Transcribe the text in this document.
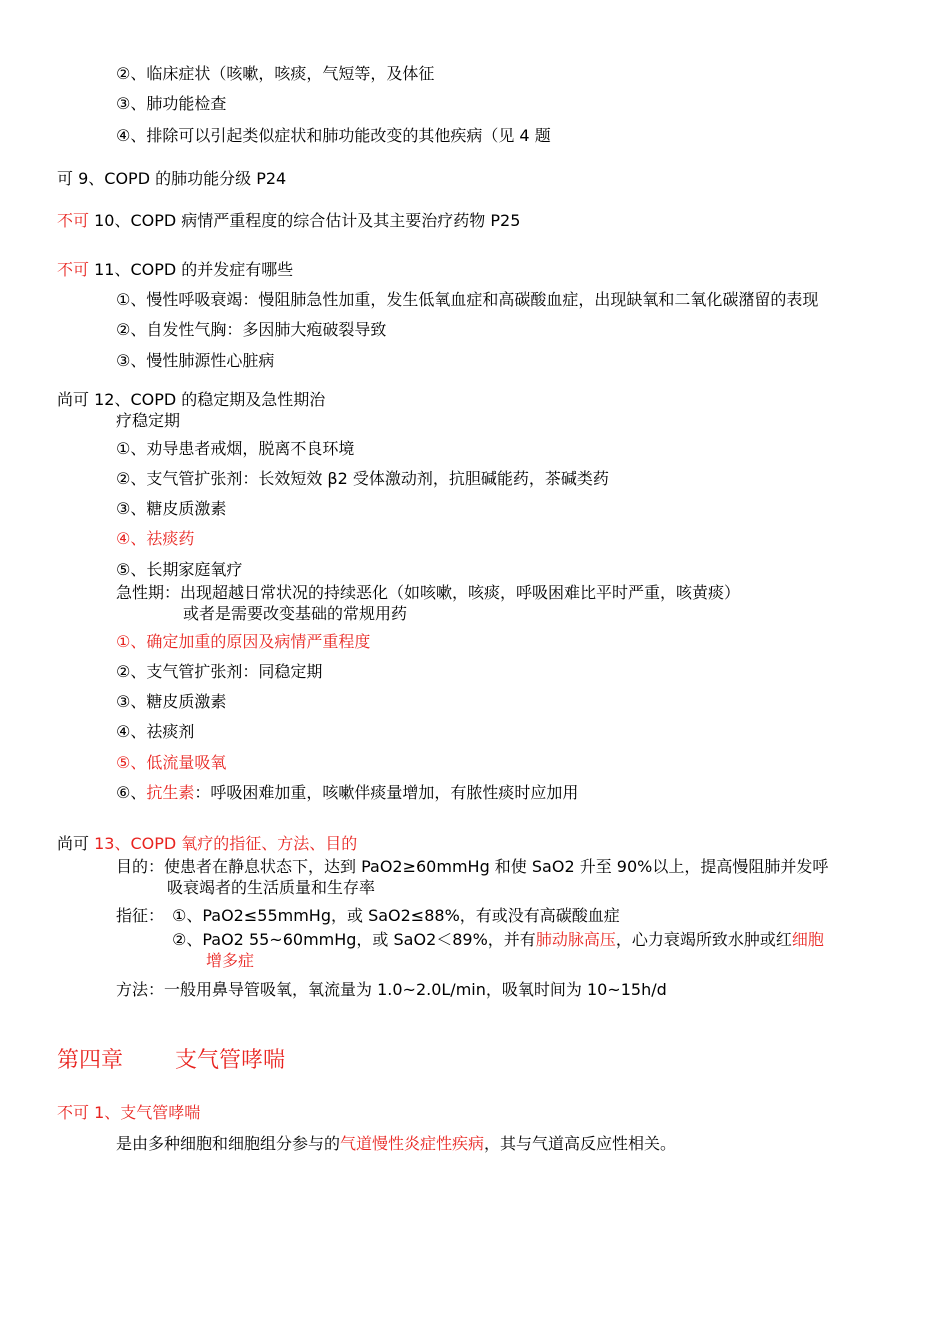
②、临床症状（咳嗽，咳痰，气短等，及体征

③、肺功能检查

④、排除可以引起类似症状和肺功能改变的其他疾病（见 4 题

可 9、COPD 的肺功能分级 P24

不可 10、COPD 病情严重程度的综合估计及其主要治疗药物 P25

不可 11、COPD 的并发症有哪些

①、慢性呼吸衰竭：慢阻肺急性加重，发生低氧血症和高碳酸血症，出现缺氧和二氧化碳潴留的表现

②、自发性气胸：多因肺大疱破裂导致

③、慢性肺源性心脏病

尚可 12、COPD 的稳定期及急性期治

疗稳定期

①、劝导患者戒烟，脱离不良环境

②、支气管扩张剂：长效短效 β2 受体激动剂，抗胆碱能药，茶碱类药

③、糖皮质激素

④、祛痰药

⑤、长期家庭氧疗

急性期：出现超越日常状况的持续恶化（如咳嗽，咳痰，呼吸困难比平时严重，咳黄痰）

或者是需要改变基础的常规用药

①、确定加重的原因及病情严重程度

②、支气管扩张剂：同稳定期

③、糖皮质激素

④、祛痰剂

⑤、低流量吸氧

⑥、抗生素：呼吸困难加重，咳嗽伴痰量增加，有脓性痰时应加用

尚可 13、COPD 氧疗的指征、方法、目的

目的：使患者在静息状态下，达到 PaO2≥60mmHg 和使 SaO2 升至 90%以上，提高慢阻肺并发呼

吸衰竭者的生活质量和生存率

指征： ①、PaO2≤55mmHg，或 SaO2≤88%，有或没有高碳酸血症

②、PaO2 55~60mmHg，或 SaO2＜89%，并有肺动脉高压，心力衰竭所致水肿或红细胞

增多症

方法：一般用鼻导管吸氧，氧流量为 1.0~2.0L/min，吸氧时间为 10~15h/d

第四章 支气管哮喘

不可 1、支气管哮喘

是由多种细胞和细胞组分参与的气道慢性炎症性疾病，其与气道高反应性相关。
